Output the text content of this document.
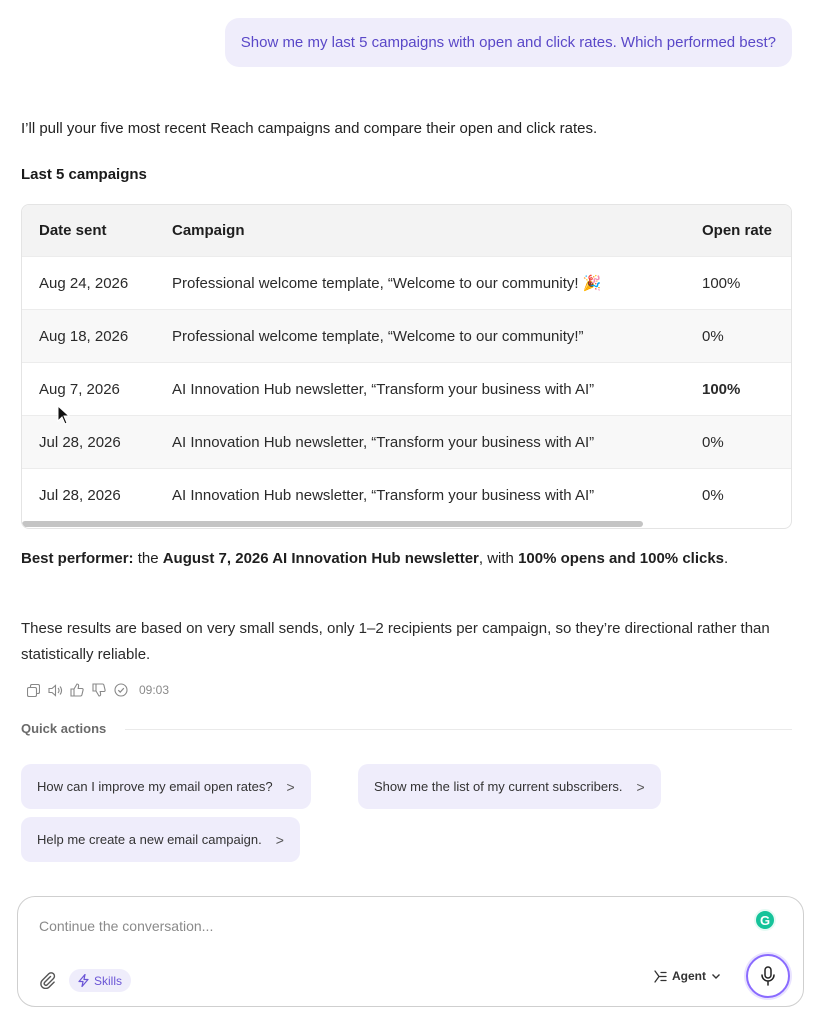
Show me my last 5 campaigns with open and click rates. Which performed best?
I’ll pull your five most recent Reach campaigns and compare their open and click rates.
Last 5 campaigns
Date sent	Campaign	Open rate
Aug 24, 2026	Professional welcome template, “Welcome to our community! 🎉	100%
Aug 18, 2026	Professional welcome template, “Welcome to our community!”	0%
Aug 7, 2026	AI Innovation Hub newsletter, “Transform your business with AI”	100%
Jul 28, 2026	AI Innovation Hub newsletter, “Transform your business with AI”	0%
Jul 28, 2026	AI Innovation Hub newsletter, “Transform your business with AI”	0%
Best performer: the August 7, 2026 AI Innovation Hub newsletter, with 100% opens and 100% clicks.
These results are based on very small sends, only 1–2 recipients per campaign, so they’re directional rather than statistically reliable.
09:03
Quick actions
How can I improve my email open rates? >	Show me the list of my current subscribers. >
Help me create a new email campaign. >
Continue the conversation...	G
Skills	Agent
